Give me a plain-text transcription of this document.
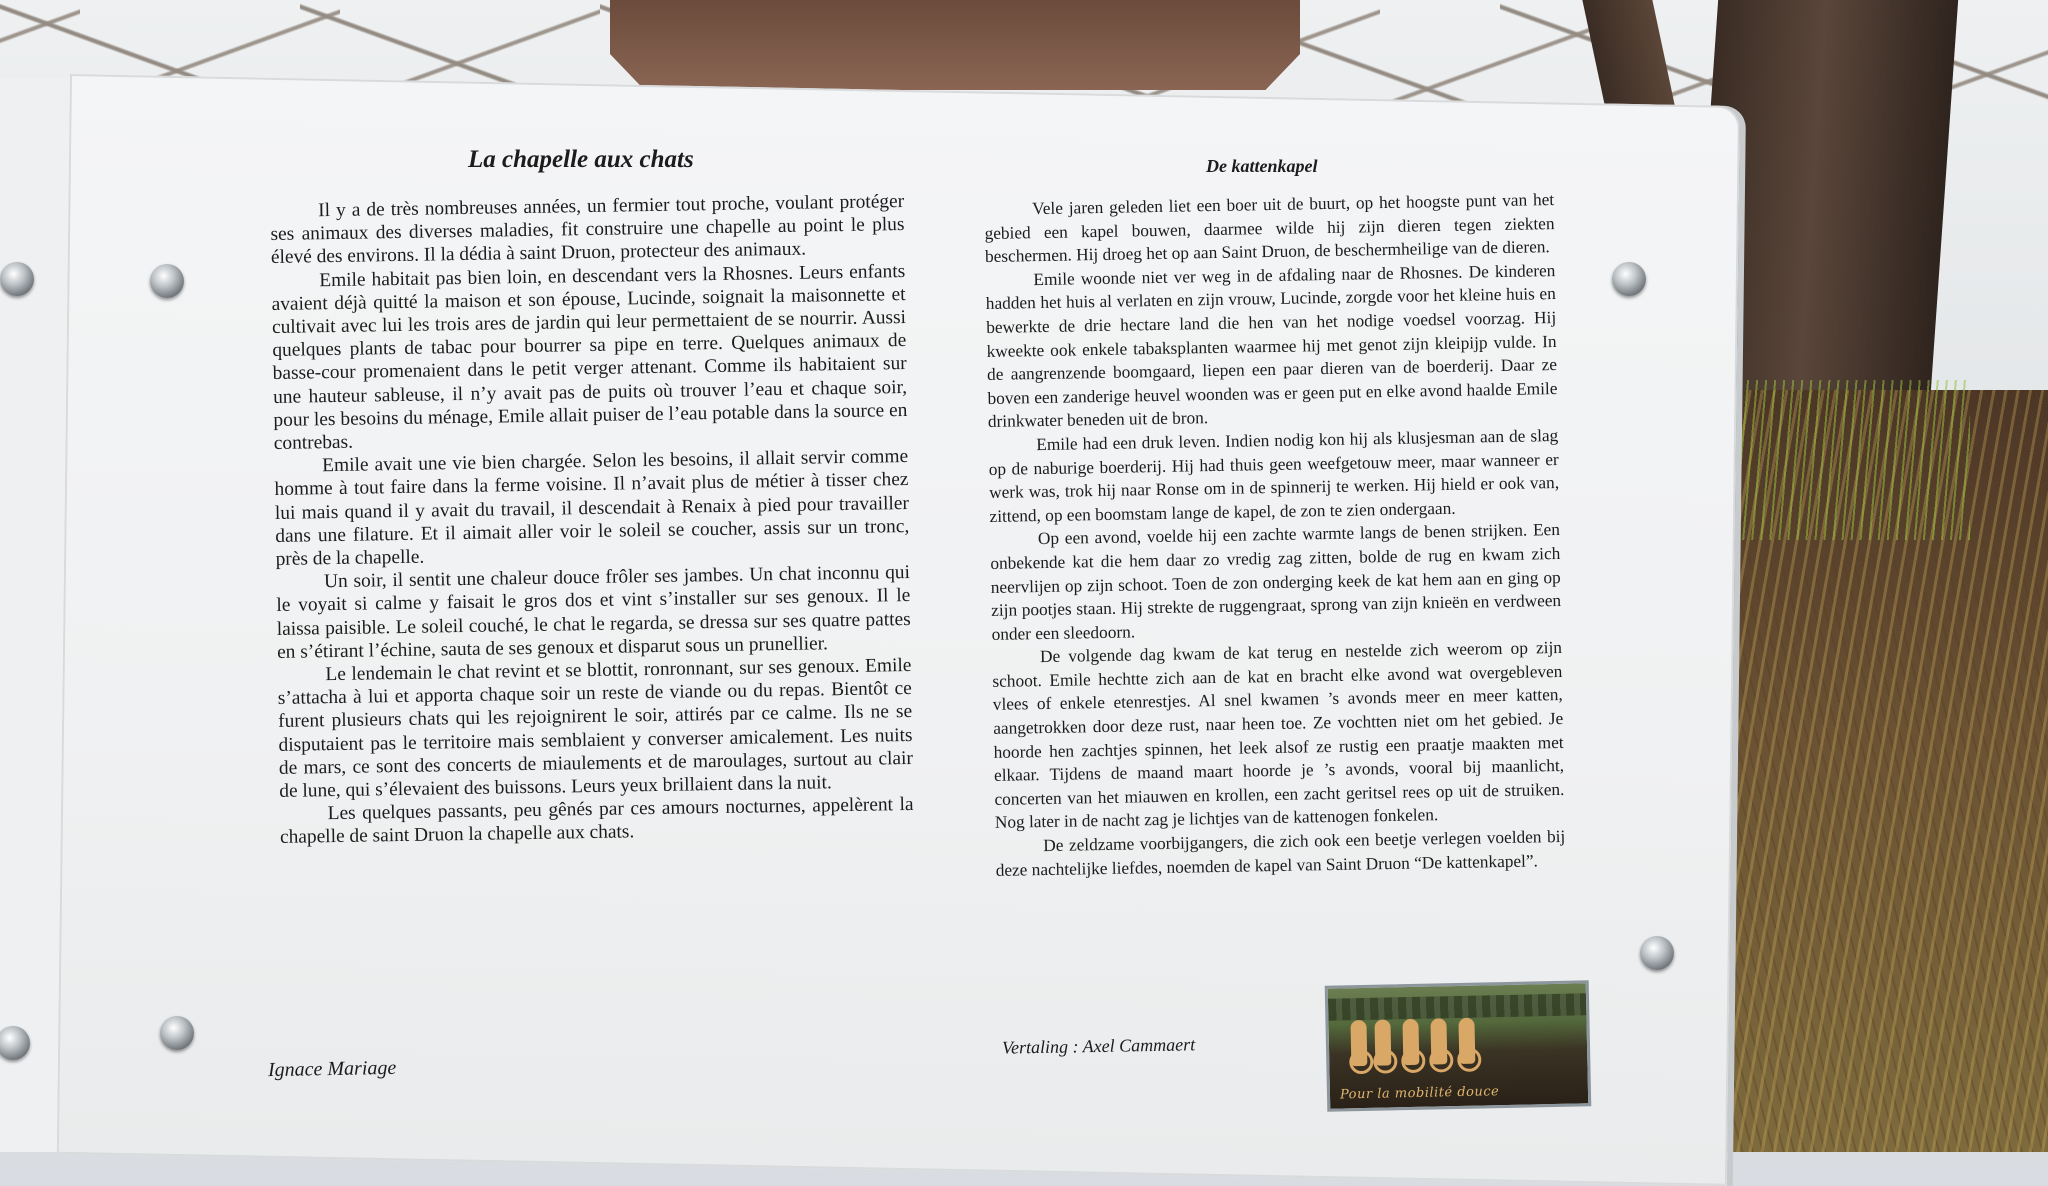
La chapelle aux chats	De kattenkapel

Il y a de très nombreuses années, un fermier tout proche, voulant protéger ses animaux des diverses maladies, fit construire une chapelle au point le plus élevé des environs. Il la dédia à saint Druon, protecteur des animaux.

Emile habitait pas bien loin, en descendant vers la Rhosnes. Leurs enfants avaient déjà quitté la maison et son épouse, Lucinde, soignait la maisonnette et cultivait avec lui les trois ares de jardin qui leur permettaient de se nourrir. Aussi quelques plants de tabac pour bourrer sa pipe en terre. Quelques animaux de basse-cour promenaient dans le petit verger attenant. Comme ils habitaient sur une hauteur sableuse, il n’y avait pas de puits où trouver l’eau et chaque soir, pour les besoins du ménage, Emile allait puiser de l’eau potable dans la source en contrebas.

Emile avait une vie bien chargée. Selon les besoins, il allait servir comme homme à tout faire dans la ferme voisine. Il n’avait plus de métier à tisser chez lui mais quand il y avait du travail, il descendait à Renaix à pied pour travailler dans une filature. Et il aimait aller voir le soleil se coucher, assis sur un tronc, près de la chapelle.

Un soir, il sentit une chaleur douce frôler ses jambes. Un chat inconnu qui le voyait si calme y faisait le gros dos et vint s’installer sur ses genoux. Il le laissa paisible. Le soleil couché, le chat le regarda, se dressa sur ses quatre pattes en s’étirant l’échine, sauta de ses genoux et disparut sous un prunellier.

Le lendemain le chat revint et se blottit, ronronnant, sur ses genoux. Emile s’attacha à lui et apporta chaque soir un reste de viande ou du repas. Bientôt ce furent plusieurs chats qui les rejoignirent le soir, attirés par ce calme. Ils ne se disputaient pas le territoire mais semblaient y converser amicalement. Les nuits de mars, ce sont des concerts de miaulements et de maroulages, surtout au clair de lune, qui s’élevaient des buissons. Leurs yeux brillaient dans la nuit.

Les quelques passants, peu gênés par ces amours nocturnes, appelèrent la chapelle de saint Druon la chapelle aux chats.

Vele jaren geleden liet een boer uit de buurt, op het hoogste punt van het gebied een kapel bouwen, daarmee wilde hij zijn dieren tegen ziekten beschermen. Hij droeg het op aan Saint Druon, de beschermheilige van de dieren.

Emile woonde niet ver weg in de afdaling naar de Rhosnes. De kinderen hadden het huis al verlaten en zijn vrouw, Lucinde, zorgde voor het kleine huis en bewerkte de drie hectare land die hen van het nodige voedsel voorzag. Hij kweekte ook enkele tabaksplanten waarmee hij met genot zijn kleipijp vulde. In de aangrenzende boomgaard, liepen een paar dieren van de boerderij. Daar ze boven een zanderige heuvel woonden was er geen put en elke avond haalde Emile drinkwater beneden uit de bron.

Emile had een druk leven. Indien nodig kon hij als klusjesman aan de slag op de naburige boerderij. Hij had thuis geen weefgetouw meer, maar wanneer er werk was, trok hij naar Ronse om in de spinnerij te werken. Hij hield er ook van, zittend, op een boomstam lange de kapel, de zon te zien ondergaan.

Op een avond, voelde hij een zachte warmte langs de benen strijken. Een onbekende kat die hem daar zo vredig zag zitten, bolde de rug en kwam zich neervlijen op zijn schoot. Toen de zon onderging keek de kat hem aan en ging op zijn pootjes staan. Hij strekte de ruggengraat, sprong van zijn knieën en verdween onder een sleedoorn.

De volgende dag kwam de kat terug en nestelde zich weerom op zijn schoot. Emile hechtte zich aan de kat en bracht elke avond wat overgebleven vlees of enkele etenrestjes. Al snel kwamen ’s avonds meer en meer katten, aangetrokken door deze rust, naar heen toe. Ze vochtten niet om het gebied. Je hoorde hen zachtjes spinnen, het leek alsof ze rustig een praatje maakten met elkaar. Tijdens de maand maart hoorde je ’s avonds, vooral bij maanlicht, concerten van het miauwen en krollen, een zacht geritsel rees op uit de struiken. Nog later in de nacht zag je lichtjes van de kattenogen fonkelen.

De zeldzame voorbijgangers, die zich ook een beetje verlegen voelden bij deze nachtelijke liefdes, noemden de kapel van Saint Druon “De kattenkapel”.

Ignace Mariage
Vertaling : Axel Cammaert
Pour la mobilité douce
